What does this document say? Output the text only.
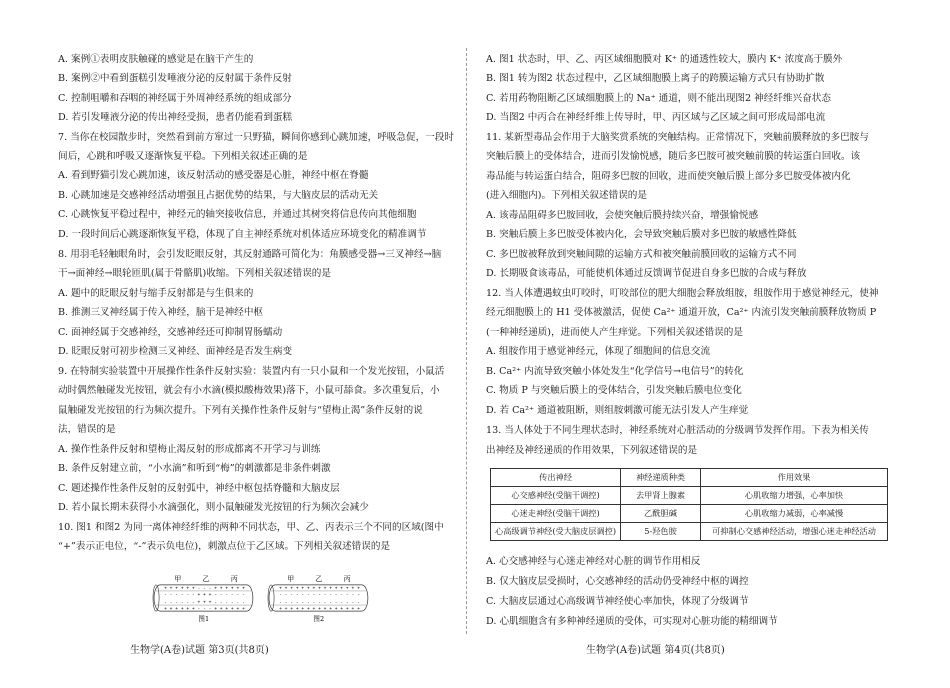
A. 案例①表明皮肤触碰的感觉是在脑干产生的
B. 案例②中看到蛋糕引发唾液分泌的反射属于条件反射
C. 控制咀嚼和吞咽的神经属于外周神经系统的组成部分
D. 若引发唾液分泌的传出神经受损，患者仍能看到蛋糕
7. 当你在校园散步时，突然看到前方窜过一只野猫，瞬间你感到心跳加速，呼吸急促，一段时
间后，心跳和呼吸又逐渐恢复平稳。下列相关叙述正确的是
A. 看到野猫引发心跳加速，该反射活动的感受器是心脏，神经中枢在脊髓
B. 心跳加速是交感神经活动增强且占据优势的结果，与大脑皮层的活动无关
C. 心跳恢复平稳过程中，神经元的轴突接收信息，并通过其树突将信息传向其他细胞
D. 一段时间后心跳逐渐恢复平稳，体现了自主神经系统对机体适应环境变化的精准调节
8. 用羽毛轻触眼角时，会引发眨眼反射，其反射通路可简化为：角膜感受器→三叉神经→脑
干→面神经→眼轮匝肌(属于骨骼肌)收缩。下列相关叙述错误的是
A. 题中的眨眼反射与缩手反射都是与生俱来的
B. 推测三叉神经属于传入神经，脑干是神经中枢
C. 面神经属于交感神经，交感神经还可抑制胃肠蠕动
D. 眨眼反射可初步检测三叉神经、面神经是否发生病变
9. 在特制实验装置中开展操作性条件反射实验：装置内有一只小鼠和一个发光按钮，小鼠活
动时偶然触碰发光按钮，就会有小水滴(模拟酸梅效果)落下，小鼠可舔食。多次重复后，小
鼠触碰发光按钮的行为频次提升。下列有关操作性条件反射与“望梅止渴”条件反射的说
法，错误的是
A. 操作性条件反射和望梅止渴反射的形成都离不开学习与训练
B. 条件反射建立前，“小水滴”和听到“梅”的刺激都是非条件刺激
C. 题述操作性条件反射的反射弧中，神经中枢包括脊髓和大脑皮层
D. 若小鼠长期未获得小水滴强化，则小鼠触碰发光按钮的行为频次会减少
10. 图1 和图2 为同一离体神经纤维的两种不同状态，甲、乙、丙表示三个不同的区域(图中
“+”表示正电位，“-”表示负电位)，刺激点位于乙区域。下列相关叙述错误的是
甲	乙	丙
+ + + + + + - - - + + + + + +
- - - - - - + + + - - - - - -
- - - - - - + + + - - - - - -
+ + + + + + - - - + + + + + +
图1
甲	乙	丙
+ + + + + + + + + + + + + + +
- - - - - - - - - - - - - - -
- - - - - - - - - - - - - - -
+ + + + + + + + + + + + + + +
图2
生物学(A卷)试题 第3页(共8页)
A. 图1 状态时，甲、乙、丙区域细胞膜对 K⁺ 的通透性较大，膜内 K⁺ 浓度高于膜外
B. 图1 转为图2 状态过程中，乙区域细胞膜上离子的跨膜运输方式只有协助扩散
C. 若用药物阻断乙区域细胞膜上的 Na⁺ 通道，则不能出现图2 神经纤维兴奋状态
D. 当图2 中丙合在神经纤维上传导时，甲、丙区域与乙区域之间可形成局部电流
11. 某新型毒品会作用于大脑奖赏系统的突触结构。正常情况下，突触前膜释放的多巴胺与
突触后膜上的受体结合，进而引发愉悦感，随后多巴胺可被突触前膜的转运蛋白回收。该
毒品能与转运蛋白结合，阻碍多巴胺的回收，进而使突触后膜上部分多巴胺受体被内化
(进入细胞内)。下列相关叙述错误的是
A. 该毒品阻碍多巴胺回收，会使突触后膜持续兴奋，增强愉悦感
B. 突触后膜上多巴胺受体被内化，会导致突触后膜对多巴胺的敏感性降低
C. 多巴胺被释放到突触间隙的运输方式和被突触前膜回收的运输方式不同
D. 长期吸食该毒品，可能使机体通过反馈调节促进自身多巴胺的合成与释放
12. 当人体遭遇蚊虫叮咬时，叮咬部位的肥大细胞会释放组胺，组胺作用于感觉神经元，使神
经元细胞膜上的 H1 受体被激活，促使 Ca²⁺ 通道开放，Ca²⁺ 内流引发突触前膜释放物质 P
(一种神经递质)，进而使人产生痒觉。下列相关叙述错误的是
A. 组胺作用于感觉神经元，体现了细胞间的信息交流
B. Ca²⁺ 内流导致突触小体处发生“化学信号→电信号”的转化
C. 物质 P 与突触后膜上的受体结合，引发突触后膜电位变化
D. 若 Ca²⁺ 通道被阻断，则组胺刺激可能无法引发人产生痒觉
13. 当人体处于不同生理状态时，神经系统对心脏活动的分级调节发挥作用。下表为相关传
出神经及神经递质的作用效果，下列叙述错误的是
传出神经	神经递质种类	作用效果
心交感神经(受脑干调控)	去甲肾上腺素	心肌收缩力增强，心率加快
心迷走神经(受脑干调控)	乙酰胆碱	心肌收缩力减弱，心率减慢
心高级调节神经(受大脑皮层调控)	5-羟色胺	可抑制心交感神经活动，增强心迷走神经活动
A. 心交感神经与心迷走神经对心脏的调节作用相反
B. 仅大脑皮层受损时，心交感神经的活动仍受神经中枢的调控
C. 大脑皮层通过心高级调节神经使心率加快，体现了分级调节
D. 心肌细胞含有多种神经递质的受体，可实现对心脏功能的精细调节
生物学(A卷)试题 第4页(共8页)
